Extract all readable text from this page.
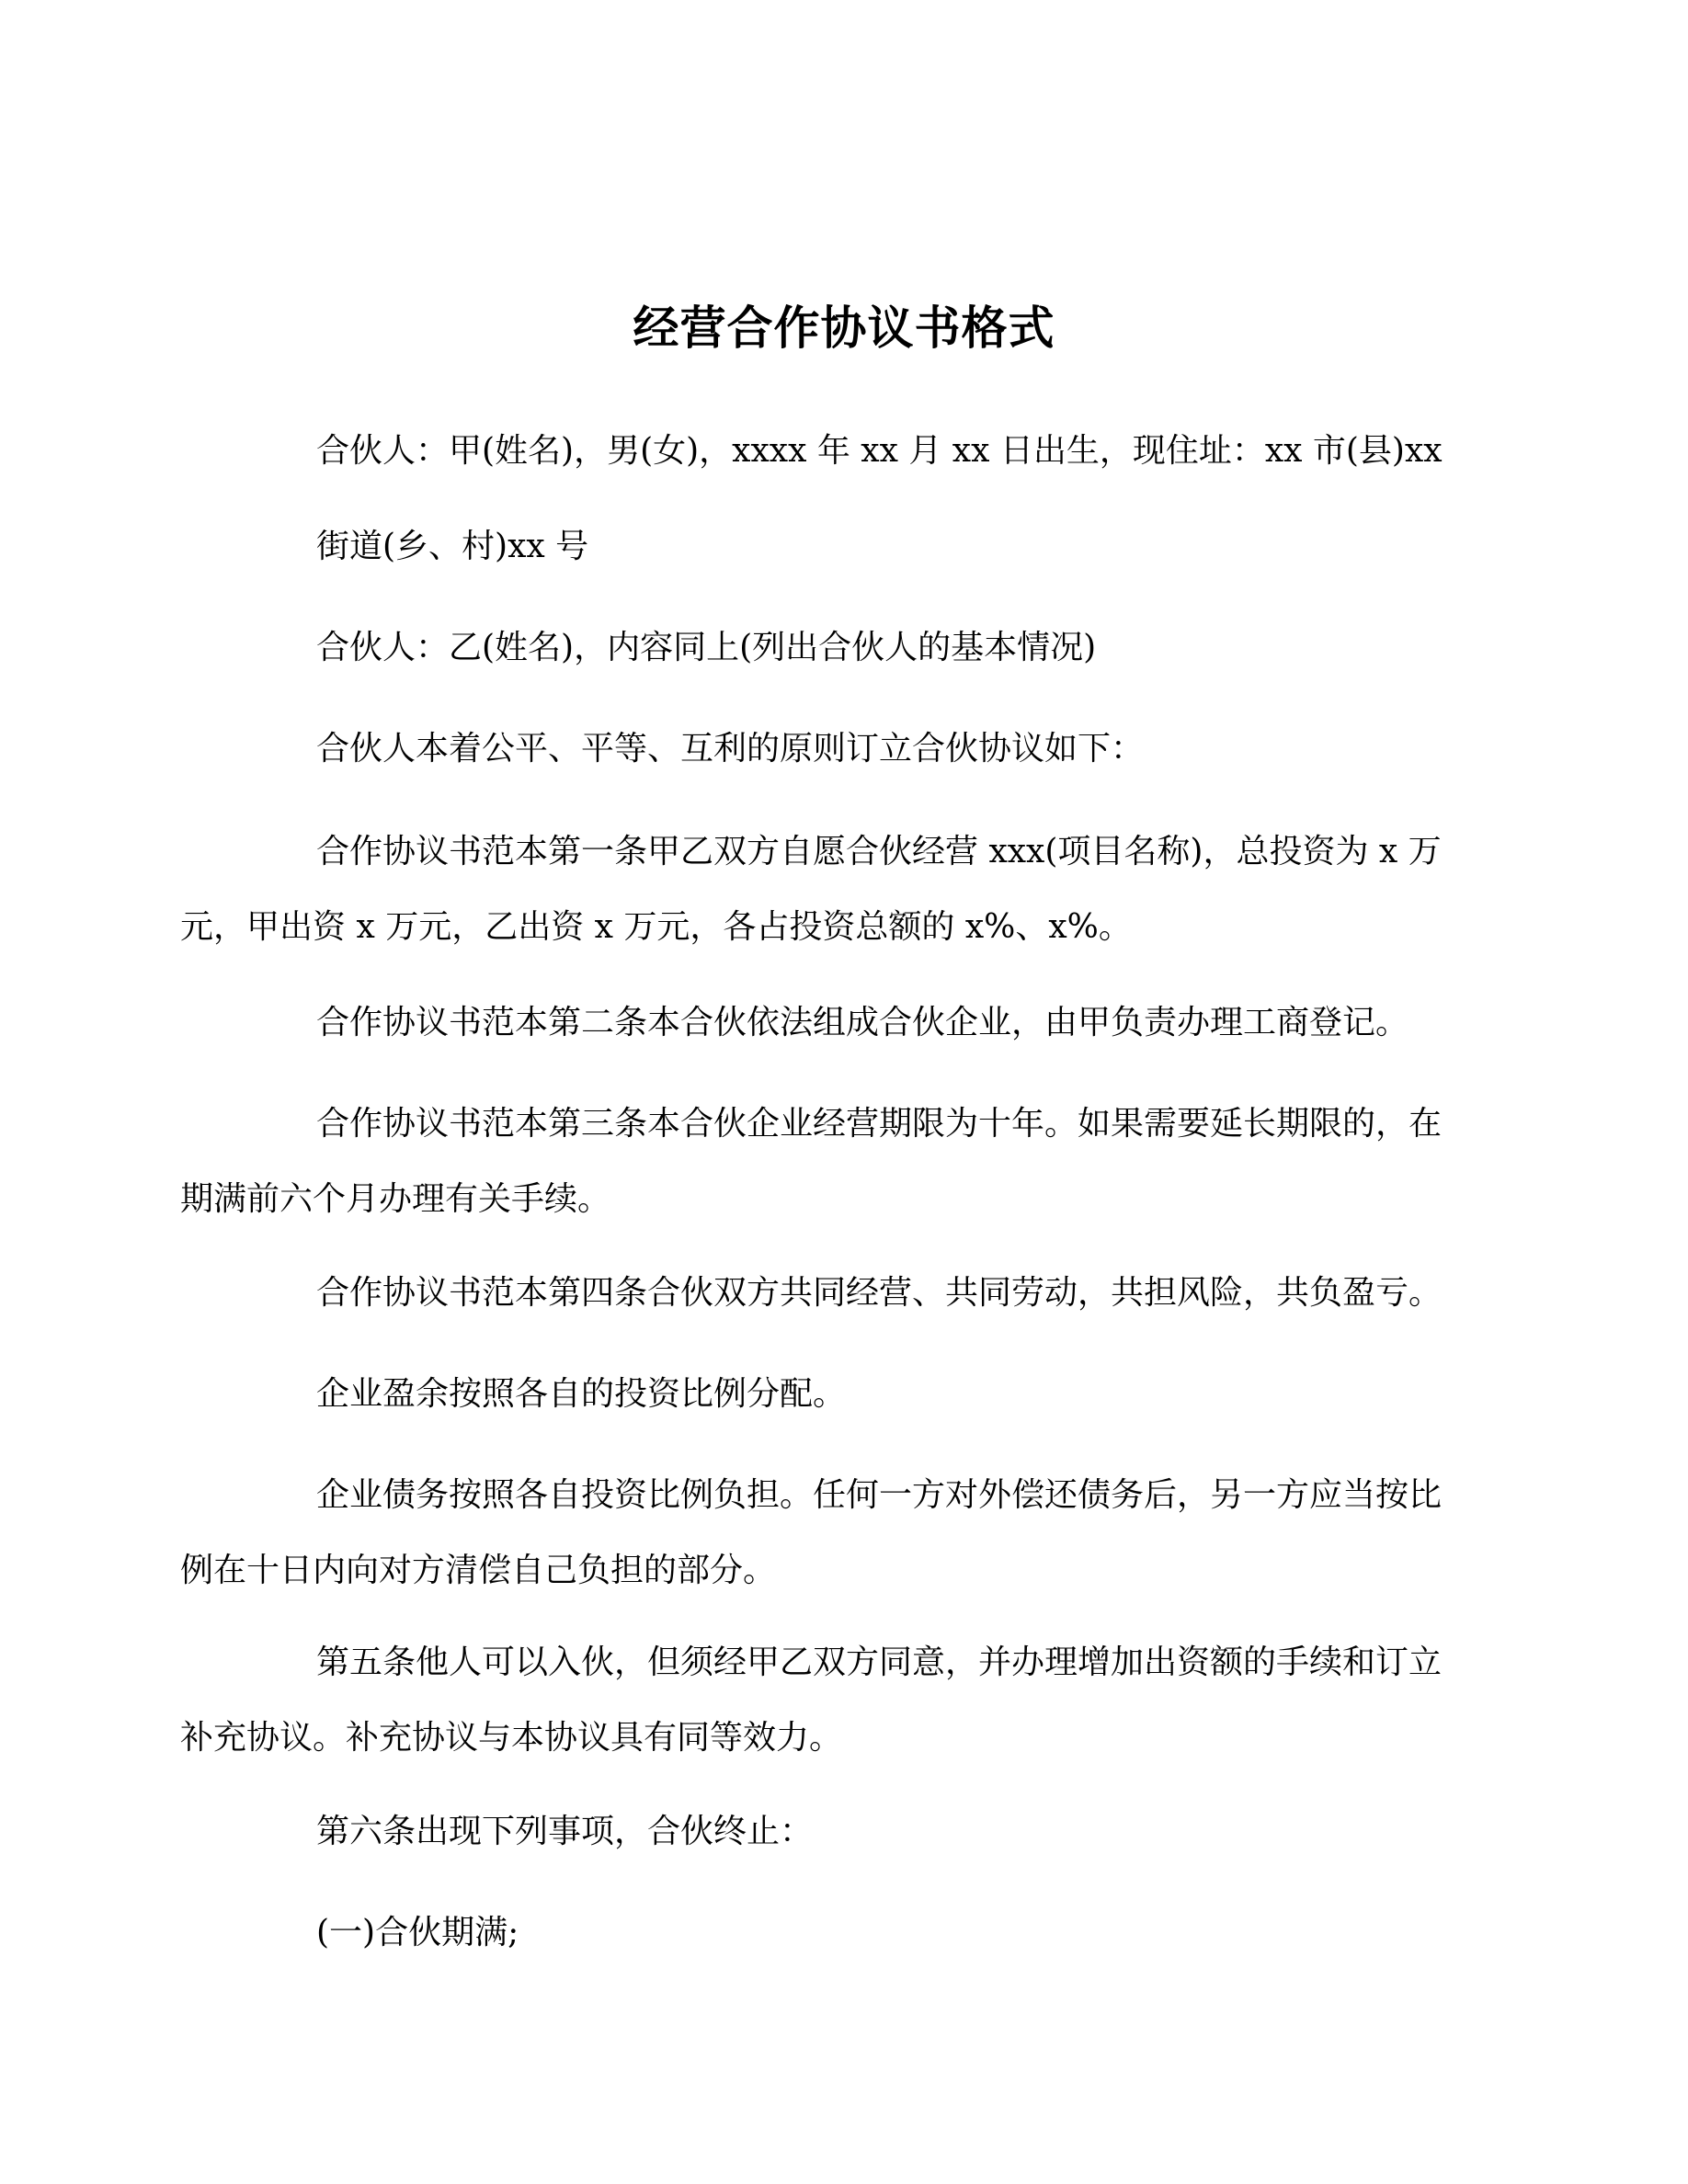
经营合作协议书格式
合伙人：甲(姓名)，男(女)，xxxx 年 xx 月 xx 日出生，现住址：xx 市(县)xx
街道(乡、村)xx 号
合伙人：乙(姓名)，内容同上(列出合伙人的基本情况)
合伙人本着公平、平等、互利的原则订立合伙协议如下：
合作协议书范本第一条甲乙双方自愿合伙经营 xxx(项目名称)，总投资为 x 万
元，甲出资 x 万元，乙出资 x 万元，各占投资总额的 x%、x%。
合作协议书范本第二条本合伙依法组成合伙企业，由甲负责办理工商登记。
合作协议书范本第三条本合伙企业经营期限为十年。如果需要延长期限的，在
期满前六个月办理有关手续。
合作协议书范本第四条合伙双方共同经营、共同劳动，共担风险，共负盈亏。
企业盈余按照各自的投资比例分配。
企业债务按照各自投资比例负担。任何一方对外偿还债务后，另一方应当按比
例在十日内向对方清偿自己负担的部分。
第五条他人可以入伙，但须经甲乙双方同意，并办理增加出资额的手续和订立
补充协议。补充协议与本协议具有同等效力。
第六条出现下列事项，合伙终止：
(一)合伙期满;
